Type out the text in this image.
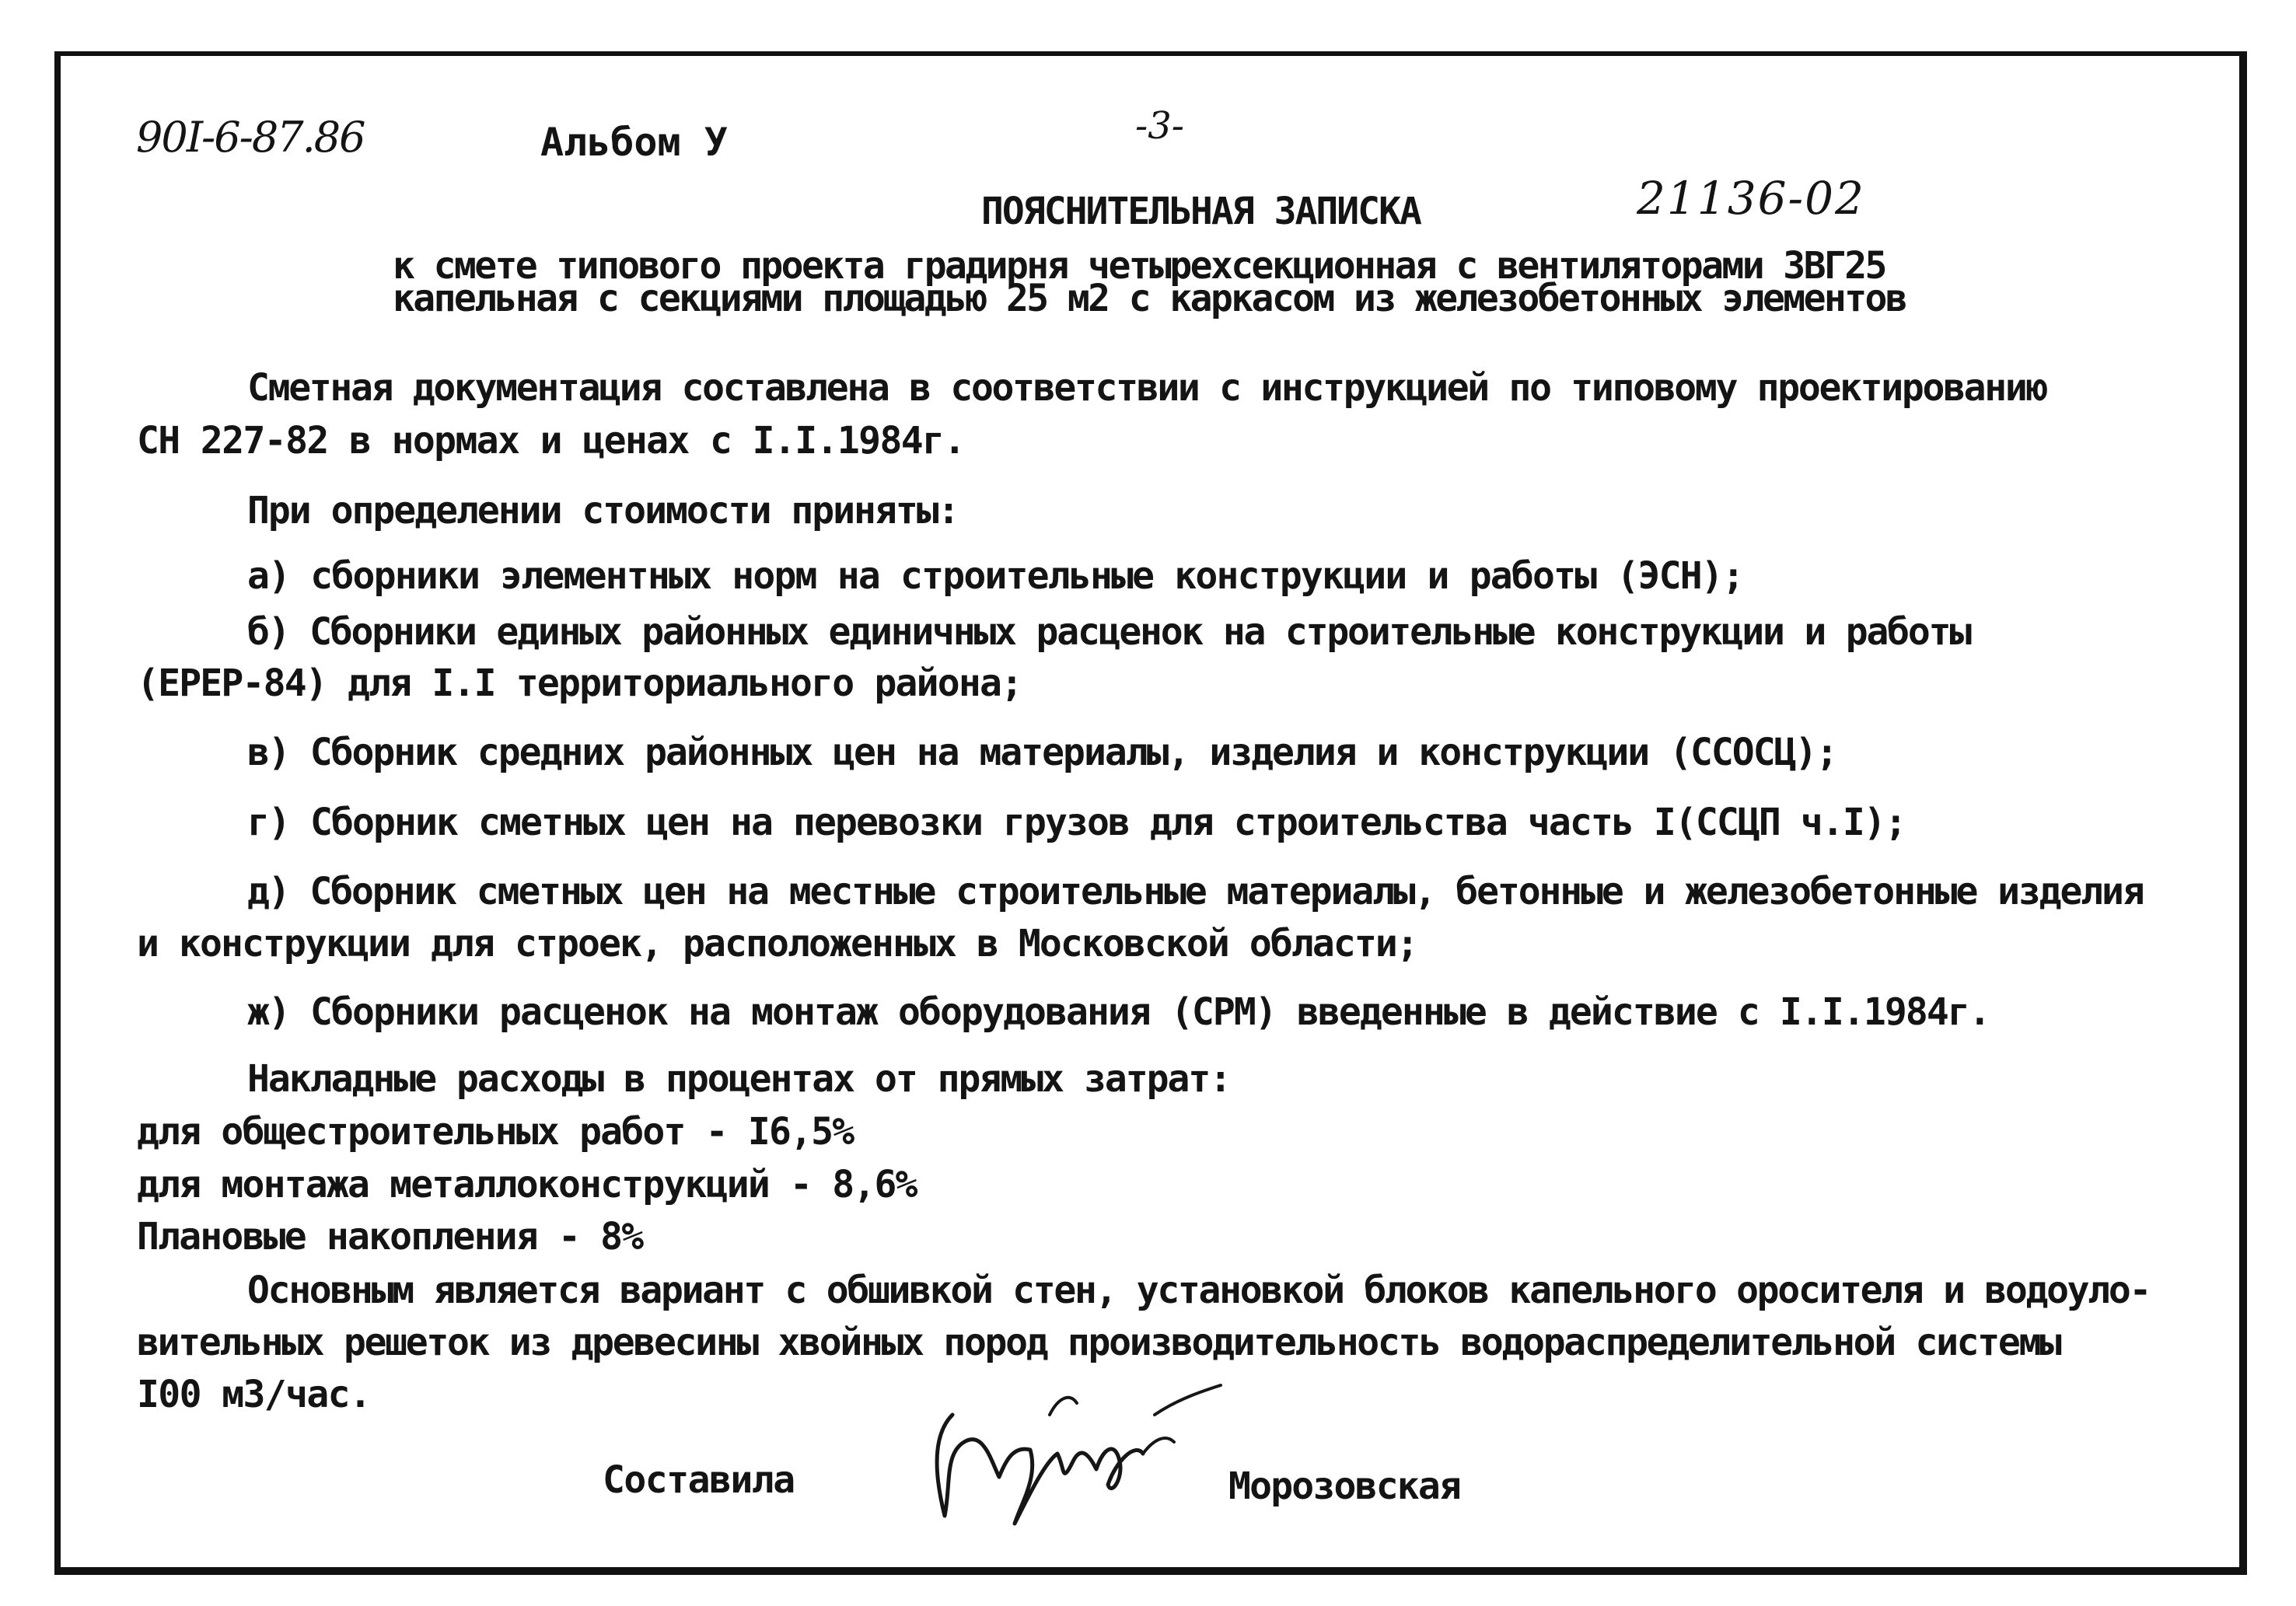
90I-6-87.86	Альбом У	-3-
21136-02
ПОЯСНИТЕЛЬНАЯ ЗАПИСКА
к смете типового проекта градирня четырехсекционная с вентиляторами ЗВГ25
капельная с секциями площадью 25 м2 с каркасом из железобетонных элементов
Сметная документация составлена в соответствии с инструкцией по типовому проектированию
СН 227-82 в нормах и ценах с I.I.1984г.
При определении стоимости приняты:
а) сборники элементных норм на строительные конструкции и работы (ЭСН);
б) Сборники единых районных единичных расценок на строительные конструкции и работы
(ЕРЕР-84) для I.I территориального района;
в) Сборник средних районных цен на материалы, изделия и конструкции (ССОСЦ);
г) Сборник сметных цен на перевозки грузов для строительства часть I(ССЦП ч.I);
д) Сборник сметных цен на местные строительные материалы, бетонные и железобетонные изделия
и конструкции для строек, расположенных в Московской области;
ж) Сборники расценок на монтаж оборудования (СРМ) введенные в действие с I.I.1984г.
Накладные расходы в процентах от прямых затрат:
для общестроительных работ - I6,5%
для монтажа металлоконструкций - 8,6%
Плановые накопления - 8%
Основным является вариант с обшивкой стен, установкой блоков капельного оросителя и водоуло-
вительных решеток из древесины хвойных пород производительность водораспределительной системы
I00 м3/час.
Составила	Морозовская
